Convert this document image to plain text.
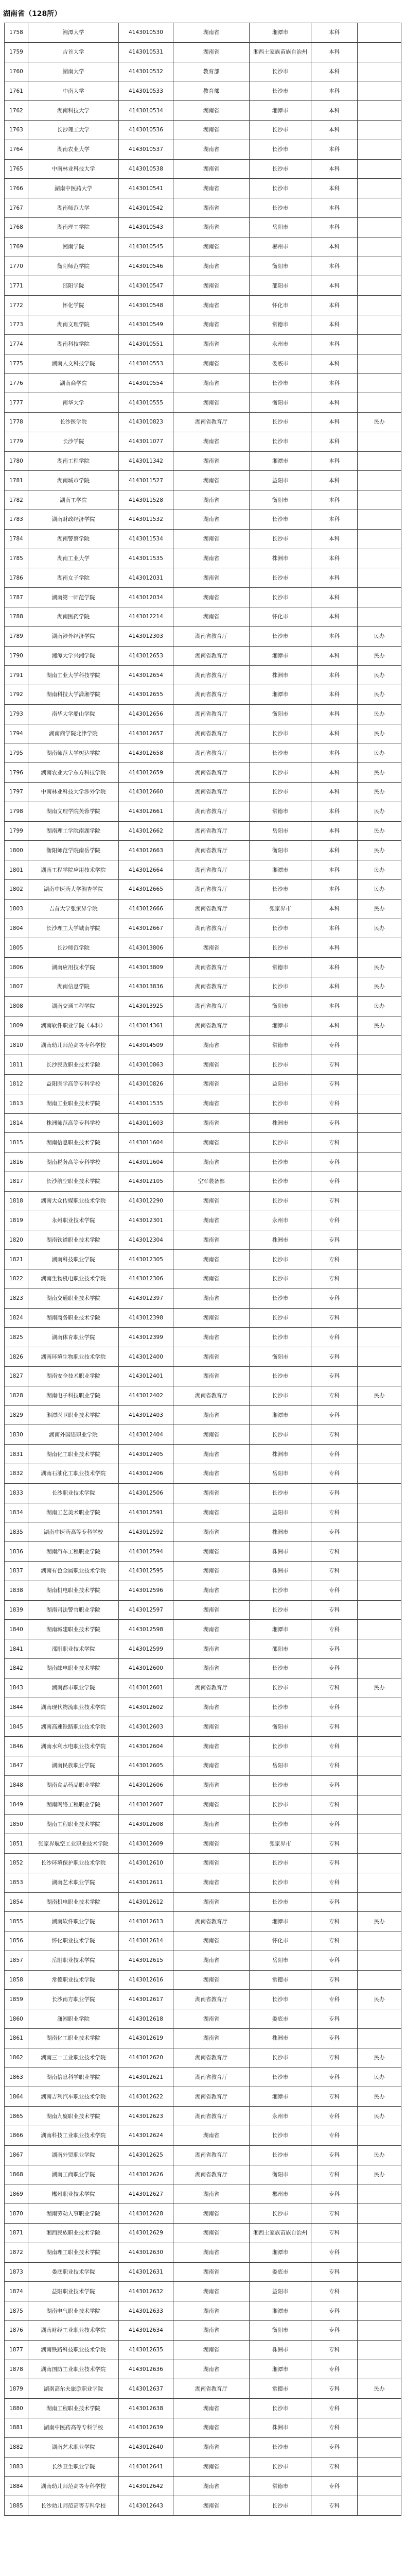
湖南省（128所）
1758	湘潭大学	4143010530	湖南省	湘潭市	本科	
1759	吉首大学	4143010531	湖南省	湘西土家族苗族自治州	本科	
1760	湖南大学	4143010532	教育部	长沙市	本科	
1761	中南大学	4143010533	教育部	长沙市	本科	
1762	湖南科技大学	4143010534	湖南省	湘潭市	本科	
1763	长沙理工大学	4143010536	湖南省	长沙市	本科	
1764	湖南农业大学	4143010537	湖南省	长沙市	本科	
1765	中南林业科技大学	4143010538	湖南省	长沙市	本科	
1766	湖南中医药大学	4143010541	湖南省	长沙市	本科	
1767	湖南师范大学	4143010542	湖南省	长沙市	本科	
1768	湖南理工学院	4143010543	湖南省	岳阳市	本科	
1769	湘南学院	4143010545	湖南省	郴州市	本科	
1770	衡阳师范学院	4143010546	湖南省	衡阳市	本科	
1771	邵阳学院	4143010547	湖南省	邵阳市	本科	
1772	怀化学院	4143010548	湖南省	怀化市	本科	
1773	湖南文理学院	4143010549	湖南省	常德市	本科	
1774	湖南科技学院	4143010551	湖南省	永州市	本科	
1775	湖南人文科技学院	4143010553	湖南省	娄底市	本科	
1776	湖南商学院	4143010554	湖南省	长沙市	本科	
1777	南华大学	4143010555	湖南省	衡阳市	本科	
1778	长沙医学院	4143010823	湖南省教育厅	长沙市	本科	民办
1779	长沙学院	4143011077	湖南省	长沙市	本科	
1780	湖南工程学院	4143011342	湖南省	湘潭市	本科	
1781	湖南城市学院	4143011527	湖南省	益阳市	本科	
1782	湖南工学院	4143011528	湖南省	衡阳市	本科	
1783	湖南财政经济学院	4143011532	湖南省	长沙市	本科	
1784	湖南警察学院	4143011534	湖南省	长沙市	本科	
1785	湖南工业大学	4143011535	湖南省	株洲市	本科	
1786	湖南女子学院	4143012031	湖南省	长沙市	本科	
1787	湖南第一师范学院	4143012034	湖南省	长沙市	本科	
1788	湖南医药学院	4143012214	湖南省	怀化市	本科	
1789	湖南涉外经济学院	4143012303	湖南省教育厅	长沙市	本科	民办
1790	湘潭大学兴湘学院	4143012653	湖南省教育厅	湘潭市	本科	民办
1791	湖南工业大学科技学院	4143012654	湖南省教育厅	株洲市	本科	民办
1792	湖南科技大学潇湘学院	4143012655	湖南省教育厅	湘潭市	本科	民办
1793	南华大学船山学院	4143012656	湖南省教育厅	衡阳市	本科	民办
1794	湖南商学院北津学院	4143012657	湖南省教育厅	长沙市	本科	民办
1795	湖南师范大学树达学院	4143012658	湖南省教育厅	长沙市	本科	民办
1796	湖南农业大学东方科技学院	4143012659	湖南省教育厅	长沙市	本科	民办
1797	中南林业科技大学涉外学院	4143012660	湖南省教育厅	长沙市	本科	民办
1798	湖南文理学院芙蓉学院	4143012661	湖南省教育厅	常德市	本科	民办
1799	湖南理工学院南湖学院	4143012662	湖南省教育厅	岳阳市	本科	民办
1800	衡阳师范学院南岳学院	4143012663	湖南省教育厅	衡阳市	本科	民办
1801	湖南工程学院应用技术学院	4143012664	湖南省教育厅	湘潭市	本科	民办
1802	湖南中医药大学湘杏学院	4143012665	湖南省教育厅	长沙市	本科	民办
1803	吉首大学张家界学院	4143012666	湖南省教育厅	张家界市	本科	民办
1804	长沙理工大学城南学院	4143012667	湖南省教育厅	长沙市	本科	民办
1805	长沙师范学院	4143013806	湖南省	长沙市	本科	
1806	湖南应用技术学院	4143013809	湖南省教育厅	常德市	本科	民办
1807	湖南信息学院	4143013836	湖南省教育厅	长沙市	本科	民办
1808	湖南交通工程学院	4143013925	湖南省教育厅	衡阳市	本科	民办
1809	湖南软件职业学院（本科）	4143014361	湖南省教育厅	湘潭市	本科	民办
1810	湖南幼儿师范高等专科学校	4143014509	湖南省	常德市	专科	
1811	长沙民政职业技术学院	4143010863	湖南省	长沙市	专科	
1812	益阳医学高等专科学校	4143010826	湖南省	益阳市	专科	
1813	湖南工业职业技术学院	4143011535	湖南省	长沙市	专科	
1814	株洲师范高等专科学校	4143011603	湖南省	株洲市	专科	
1815	湖南信息职业技术学院	4143011604	湖南省	长沙市	专科	
1816	湖南税务高等专科学校	4143011604	湖南省	长沙市	专科	
1817	长沙航空职业技术学院	4143012105	空军装备部	长沙市	专科	
1818	湖南大众传媒职业技术学院	4143012290	湖南省	长沙市	专科	
1819	永州职业技术学院	4143012301	湖南省	永州市	专科	
1820	湖南铁道职业技术学院	4143012304	湖南省	株洲市	专科	
1821	湖南科技职业学院	4143012305	湖南省	长沙市	专科	
1822	湖南生物机电职业技术学院	4143012306	湖南省	长沙市	专科	
1823	湖南交通职业技术学院	4143012397	湖南省	长沙市	专科	
1824	湖南商务职业技术学院	4143012398	湖南省	长沙市	专科	
1825	湖南体育职业学院	4143012399	湖南省	长沙市	专科	
1826	湖南环境生物职业技术学院	4143012400	湖南省	衡阳市	专科	
1827	湖南安全技术职业学院	4143012401	湖南省	长沙市	专科	
1828	湖南电子科技职业学院	4143012402	湖南省教育厅	长沙市	专科	民办
1829	湘潭医卫职业技术学院	4143012403	湖南省	湘潭市	专科	
1830	湖南外国语职业学院	4143012404	湖南省	长沙市	专科	
1831	湖南化工职业技术学院	4143012405	湖南省	株洲市	专科	
1832	湖南石油化工职业技术学院	4143012406	湖南省	岳阳市	专科	
1833	长沙职业技术学院	4143012506	湖南省	长沙市	专科	
1834	湖南工艺美术职业学院	4143012591	湖南省	益阳市	专科	
1835	湖南中医药高等专科学校	4143012592	湖南省	株洲市	专科	
1836	湖南汽车工程职业学院	4143012594	湖南省	株洲市	专科	
1837	湖南有色金属职业技术学院	4143012595	湖南省	株洲市	专科	
1838	湖南机电职业技术学院	4143012596	湖南省	长沙市	专科	
1839	湖南司法警官职业学院	4143012597	湖南省	长沙市	专科	
1840	湖南城建职业技术学院	4143012598	湖南省	湘潭市	专科	
1841	邵阳职业技术学院	4143012599	湖南省	邵阳市	专科	
1842	湖南邮电职业技术学院	4143012600	湖南省	长沙市	专科	
1843	湖南都市职业学院	4143012601	湖南省教育厅	长沙市	专科	民办
1844	湖南现代物流职业技术学院	4143012602	湖南省	长沙市	专科	
1845	湖南高速铁路职业技术学院	4143012603	湖南省	衡阳市	专科	
1846	湖南水利水电职业技术学院	4143012604	湖南省	长沙市	专科	
1847	湖南民族职业学院	4143012605	湖南省	岳阳市	专科	
1848	湖南食品药品职业学院	4143012606	湖南省	长沙市	专科	
1849	湖南网络工程职业学院	4143012607	湖南省	长沙市	专科	
1850	湖南工程职业技术学院	4143012608	湖南省	长沙市	专科	
1851	张家界航空工业职业技术学院	4143012609	湖南省	张家界市	专科	
1852	长沙环境保护职业技术学院	4143012610	湖南省	长沙市	专科	
1853	湖南艺术职业学院	4143012611	湖南省	长沙市	专科	
1854	湖南机电职业技术学院	4143012612	湖南省	长沙市	专科	
1855	湖南软件职业学院	4143012613	湖南省教育厅	湘潭市	专科	民办
1856	怀化职业技术学院	4143012614	湖南省	怀化市	专科	
1857	岳阳职业技术学院	4143012615	湖南省	岳阳市	专科	
1858	常德职业技术学院	4143012616	湖南省	常德市	专科	
1859	长沙南方职业学院	4143012617	湖南省教育厅	长沙市	专科	民办
1860	潇湘职业学院	4143012618	湖南省	娄底市	专科	
1861	湖南化工职业技术学院	4143012619	湖南省	株洲市	专科	
1862	湖南三一工业职业技术学院	4143012620	湖南省教育厅	长沙市	专科	民办
1863	湖南信息科学职业学院	4143012621	湖南省教育厅	长沙市	专科	民办
1864	湖南吉利汽车职业技术学院	4143012622	湖南省教育厅	湘潭市	专科	民办
1865	湖南九嶷职业技术学院	4143012623	湖南省教育厅	永州市	专科	民办
1866	湖南科技工业职业技术学院	4143012624	湖南省	长沙市	专科	
1867	湖南外贸职业学院	4143012625	湖南省教育厅	长沙市	专科	民办
1868	湖南工商职业学院	4143012626	湖南省教育厅	衡阳市	专科	民办
1869	郴州职业技术学院	4143012627	湖南省	郴州市	专科	
1870	湖南劳动人事职业学院	4143012628	湖南省	长沙市	专科	
1871	湘西民族职业技术学院	4143012629	湖南省	湘西土家族苗族自治州	专科	
1872	湖南理工职业技术学院	4143012630	湖南省	湘潭市	专科	
1873	娄底职业技术学院	4143012631	湖南省	娄底市	专科	
1874	益阳职业技术学院	4143012632	湖南省	益阳市	专科	
1875	湖南电气职业技术学院	4143012633	湖南省	湘潭市	专科	
1876	湖南财经工业职业技术学院	4143012634	湖南省	衡阳市	专科	
1877	湖南铁路科技职业技术学院	4143012635	湖南省	株洲市	专科	
1878	湖南国防工业职业技术学院	4143012636	湖南省	湘潭市	专科	
1879	湖南高尔夫旅游职业学院	4143012637	湖南省教育厅	常德市	专科	民办
1880	湖南工程职业技术学院	4143012638	湖南省	长沙市	专科	
1881	湖南中医药高等专科学校	4143012639	湖南省	株洲市	专科	
1882	湖南艺术职业学院	4143012640	湖南省	长沙市	专科	
1883	长沙卫生职业学院	4143012641	湖南省	长沙市	专科	
1884	湖南幼儿师范高等专科学校	4143012642	湖南省	常德市	专科	
1885	长沙幼儿师范高等专科学校	4143012643	湖南省	长沙市	专科	
